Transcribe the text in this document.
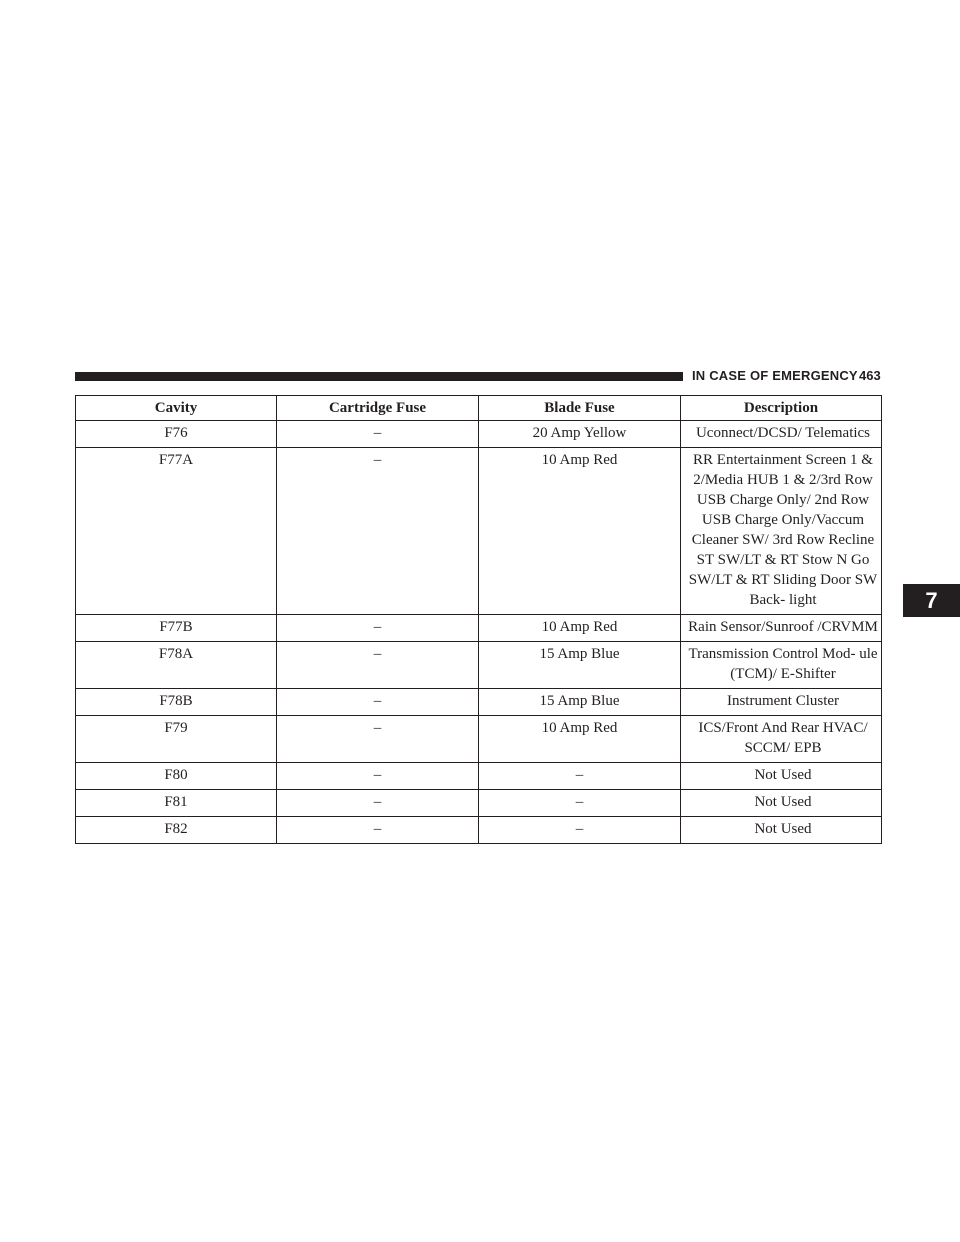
IN CASE OF EMERGENCY 463
Cavity	Cartridge Fuse	Blade Fuse	Description
F76	–	20 Amp Yellow	Uconnect/DCSD/ Telematics
F77A	–	10 Amp Red	RR Entertainment Screen 1 & 2/Media HUB 1 & 2/3rd Row USB Charge Only/ 2nd Row USB Charge Only/Vaccum Cleaner SW/ 3rd Row Recline ST SW/LT & RT Stow N Go SW/LT & RT Sliding Door SW Back- light
F77B	–	10 Amp Red	Rain Sensor/Sunroof /CRVMM
F78A	–	15 Amp Blue	Transmission Control Mod- ule (TCM)/ E-Shifter
F78B	–	15 Amp Blue	Instrument Cluster
F79	–	10 Amp Red	ICS/Front And Rear HVAC/ SCCM/ EPB
F80	–	–	Not Used
F81	–	–	Not Used
F82	–	–	Not Used
7
